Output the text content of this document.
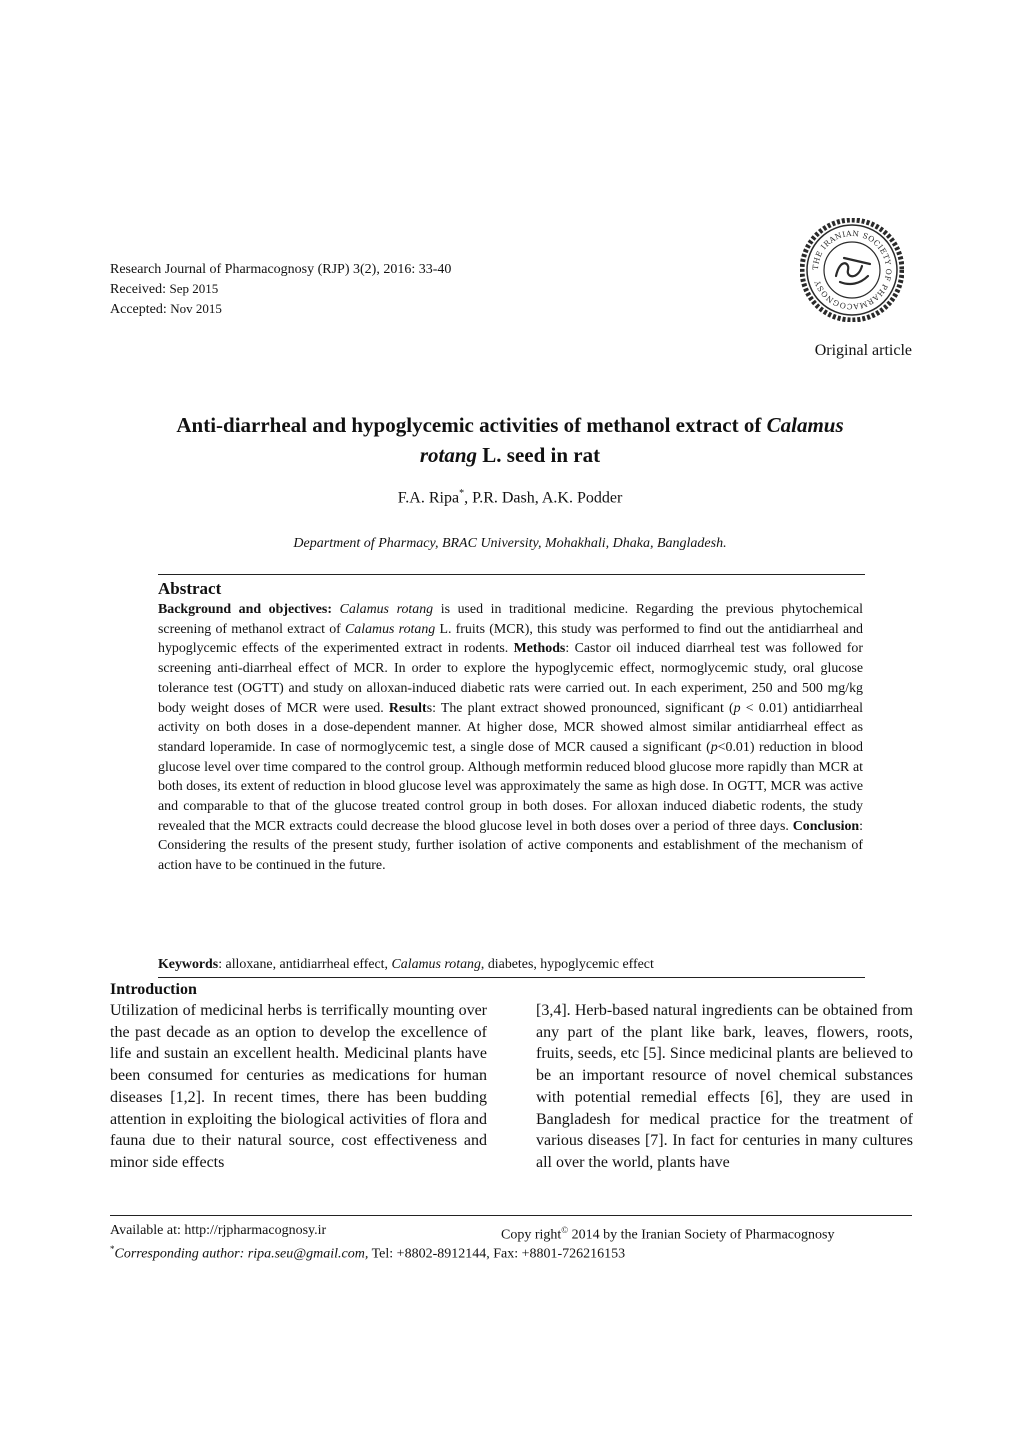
Research Journal of Pharmacognosy (RJP) 3(2), 2016: 33-40
Received: Sep 2015
Accepted: Nov 2015
THE IRANIAN SOCIETY OF PHARMACOGNOSY
Original article
Anti-diarrheal and hypoglycemic activities of methanol extract of Calamus
rotang L. seed in rat
F.A. Ripa*, P.R. Dash, A.K. Podder
Department of Pharmacy, BRAC University, Mohakhali, Dhaka, Bangladesh.
Abstract

Background and objectives: Calamus rotang is used in traditional medicine. Regarding the previous phytochemical screening of methanol extract of Calamus rotang L. fruits (MCR), this study was performed to find out the antidiarrheal and hypoglycemic effects of the experimented extract in rodents. Methods: Castor oil induced diarrheal test was followed for screening anti-diarrheal effect of MCR. In order to explore the hypoglycemic effect, normoglycemic study, oral glucose tolerance test (OGTT) and study on alloxan-induced diabetic rats were carried out. In each experiment, 250 and 500 mg/kg body weight doses of MCR were used. Results: The plant extract showed pronounced, significant (p < 0.01) antidiarrheal activity on both doses in a dose-dependent manner. At higher dose, MCR showed almost similar antidiarrheal effect as standard loperamide. In case of normoglycemic test, a single dose of MCR caused a significant (p<0.01) reduction in blood glucose level over time compared to the control group. Although metformin reduced blood glucose more rapidly than MCR at both doses, its extent of reduction in blood glucose level was approximately the same as high dose. In OGTT, MCR was active and comparable to that of the glucose treated control group in both doses. For alloxan induced diabetic rodents, the study revealed that the MCR extracts could decrease the blood glucose level in both doses over a period of three days. Conclusion: Considering the results of the present study, further isolation of active components and establishment of the mechanism of action have to be continued in the future.

Keywords: alloxane, antidiarrheal effect, Calamus rotang, diabetes, hypoglycemic effect
Introduction

Utilization of medicinal herbs is terrifically mounting over the past decade as an option to develop the excellence of life and sustain an excellent health. Medicinal plants have been consumed for centuries as medications for human diseases [1,2]. In recent times, there has been budding attention in exploiting the biological activities of flora and fauna due to their natural source, cost effectiveness and minor side effects

[3,4]. Herb-based natural ingredients can be obtained from any part of the plant like bark, leaves, flowers, roots, fruits, seeds, etc [5]. Since medicinal plants are believed to be an important resource of novel chemical substances with potential remedial effects [6], they are used in Bangladesh for medical practice for the treatment of various diseases [7]. In fact for centuries in many cultures all over the world, plants have

Available at: http://rjpharmacognosy.ir	Copy right© 2014 by the Iranian Society of Pharmacognosy
*Corresponding author: ripa.seu@gmail.com, Tel: +8802-8912144, Fax: +8801-726216153
